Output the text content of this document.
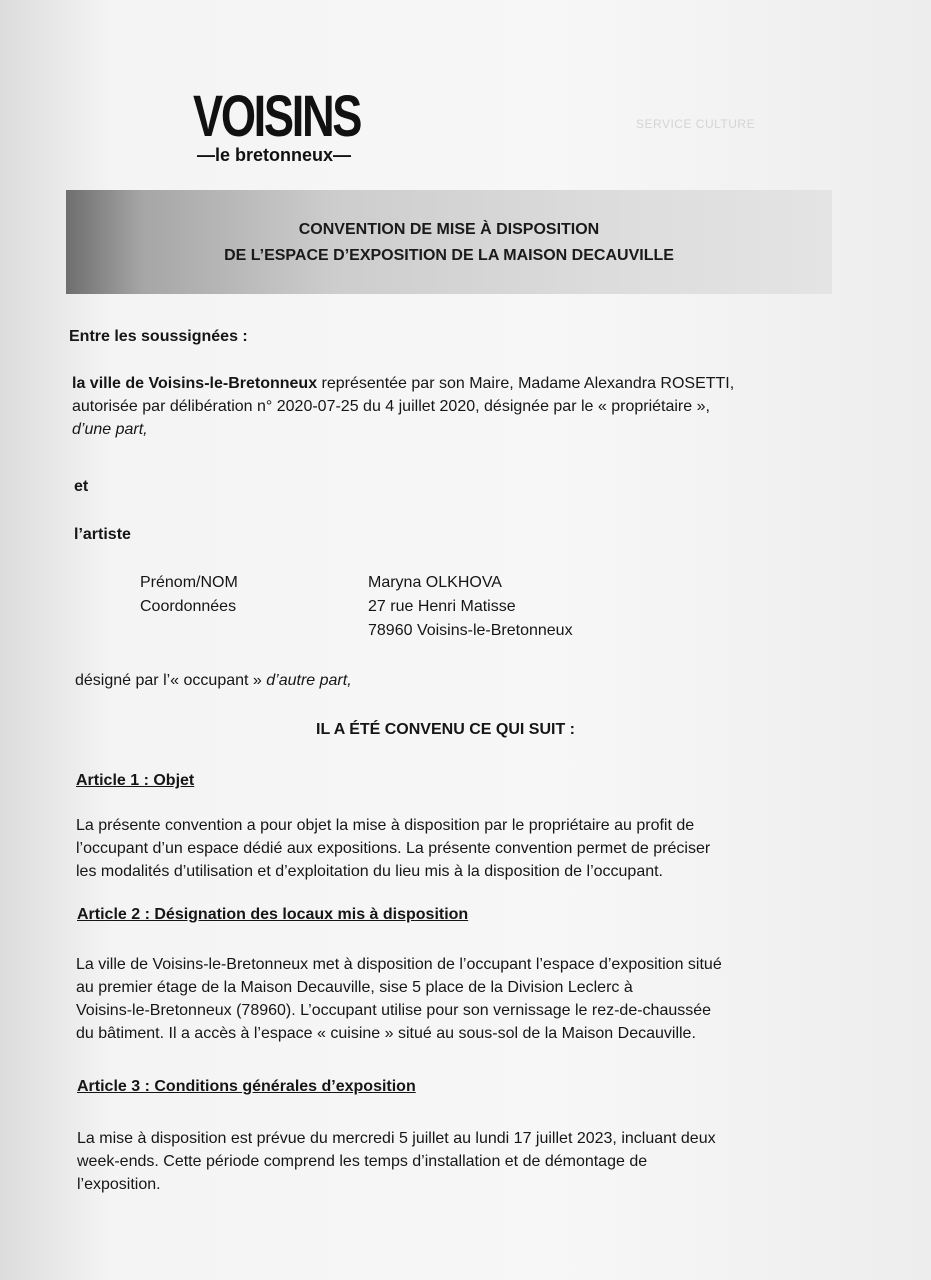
VOISINS
—le bretonneux—
SERVICE CULTURE
CONVENTION DE MISE À DISPOSITION
DE L’ESPACE D’EXPOSITION DE LA MAISON DECAUVILLE
Entre les soussignées :
la ville de Voisins-le-Bretonneux représentée par son Maire, Madame Alexandra ROSETTI,
autorisée par délibération n° 2020-07-25 du 4 juillet 2020, désignée par le « propriétaire »,
d’une part,
et
l’artiste
Prénom/NOM	Maryna OLKHOVA
Coordonnées	27 rue Henri Matisse
78960 Voisins-le-Bretonneux
désigné par l’« occupant » d’autre part,
IL A ÉTÉ CONVENU CE QUI SUIT :
Article 1 : Objet
La présente convention a pour objet la mise à disposition par le propriétaire au profit de
l’occupant d’un espace dédié aux expositions. La présente convention permet de préciser
les modalités d’utilisation et d’exploitation du lieu mis à la disposition de l’occupant.
Article 2 : Désignation des locaux mis à disposition
La ville de Voisins-le-Bretonneux met à disposition de l’occupant l’espace d’exposition situé
au premier étage de la Maison Decauville, sise 5 place de la Division Leclerc à
Voisins-le-Bretonneux (78960). L’occupant utilise pour son vernissage le rez-de-chaussée
du bâtiment. Il a accès à l’espace « cuisine » situé au sous-sol de la Maison Decauville.
Article 3 : Conditions générales d’exposition
La mise à disposition est prévue du mercredi 5 juillet au lundi 17 juillet 2023, incluant deux
week-ends. Cette période comprend les temps d’installation et de démontage de
l’exposition.
